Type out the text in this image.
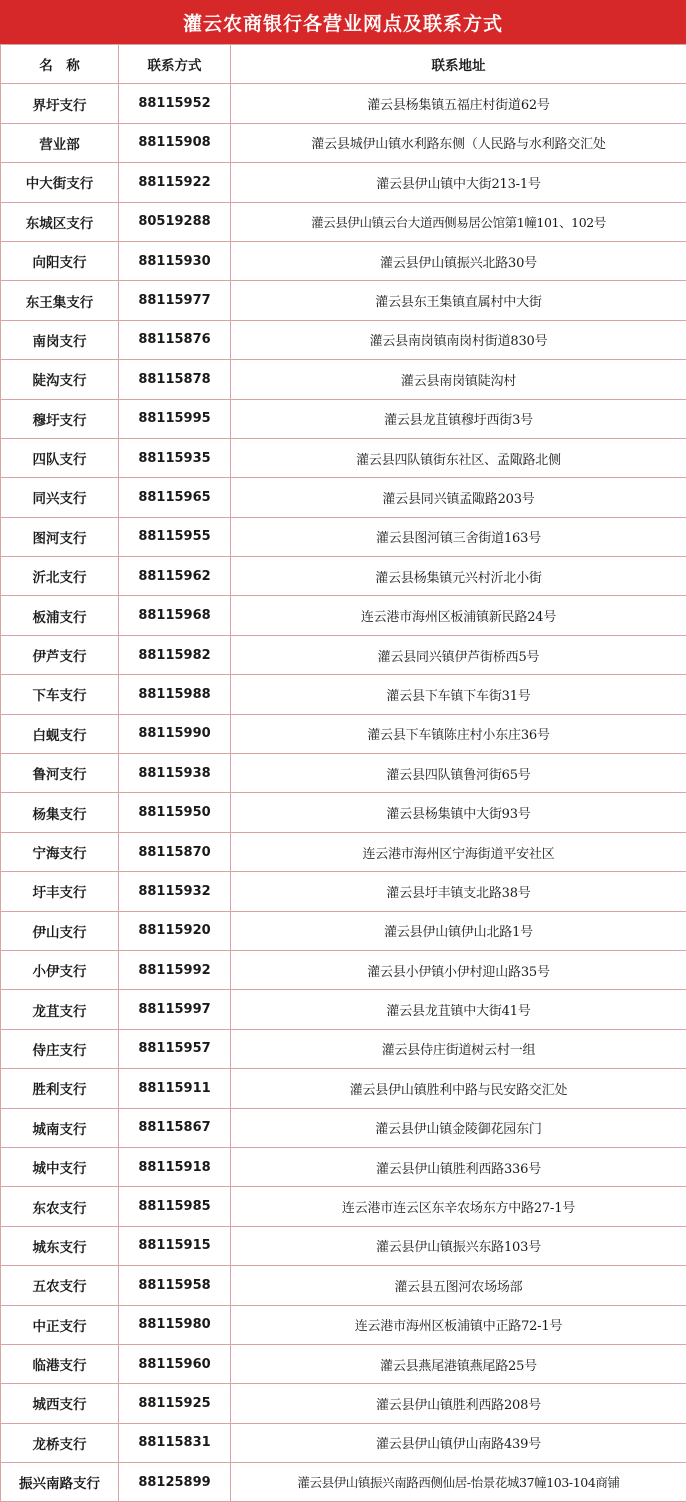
灌云农商银行各营业网点及联系方式
名　称	联系方式	联系地址
界圩支行	88115952	灌云县杨集镇五福庄村街道62号
营业部	88115908	灌云县城伊山镇水利路东侧（人民路与水利路交汇处
中大街支行	88115922	灌云县伊山镇中大街213-1号
东城区支行	80519288	灌云县伊山镇云台大道西侧易居公馆第1幢101、102号
向阳支行	88115930	灌云县伊山镇振兴北路30号
东王集支行	88115977	灌云县东王集镇直属村中大街
南岗支行	88115876	灌云县南岗镇南岗村街道830号
陡沟支行	88115878	灌云县南岗镇陡沟村
穆圩支行	88115995	灌云县龙苴镇穆圩西街3号
四队支行	88115935	灌云县四队镇街东社区、孟陬路北侧
同兴支行	88115965	灌云县同兴镇孟陬路203号
图河支行	88115955	灌云县图河镇三舍街道163号
沂北支行	88115962	灌云县杨集镇元兴村沂北小街
板浦支行	88115968	连云港市海州区板浦镇新民路24号
伊芦支行	88115982	灌云县同兴镇伊芦街桥西5号
下车支行	88115988	灌云县下车镇下车街31号
白蚬支行	88115990	灌云县下车镇陈庄村小东庄36号
鲁河支行	88115938	灌云县四队镇鲁河街65号
杨集支行	88115950	灌云县杨集镇中大街93号
宁海支行	88115870	连云港市海州区宁海街道平安社区
圩丰支行	88115932	灌云县圩丰镇支北路38号
伊山支行	88115920	灌云县伊山镇伊山北路1号
小伊支行	88115992	灌云县小伊镇小伊村迎山路35号
龙苴支行	88115997	灌云县龙苴镇中大街41号
侍庄支行	88115957	灌云县侍庄街道树云村一组
胜利支行	88115911	灌云县伊山镇胜利中路与民安路交汇处
城南支行	88115867	灌云县伊山镇金陵御花园东门
城中支行	88115918	灌云县伊山镇胜利西路336号
东农支行	88115985	连云港市连云区东辛农场东方中路27-1号
城东支行	88115915	灌云县伊山镇振兴东路103号
五农支行	88115958	灌云县五图河农场场部
中正支行	88115980	连云港市海州区板浦镇中正路72-1号
临港支行	88115960	灌云县燕尾港镇燕尾路25号
城西支行	88115925	灌云县伊山镇胜利西路208号
龙桥支行	88115831	灌云县伊山镇伊山南路439号
振兴南路支行	88125899	灌云县伊山镇振兴南路西侧仙居-怡景花城37幢103-104商铺
